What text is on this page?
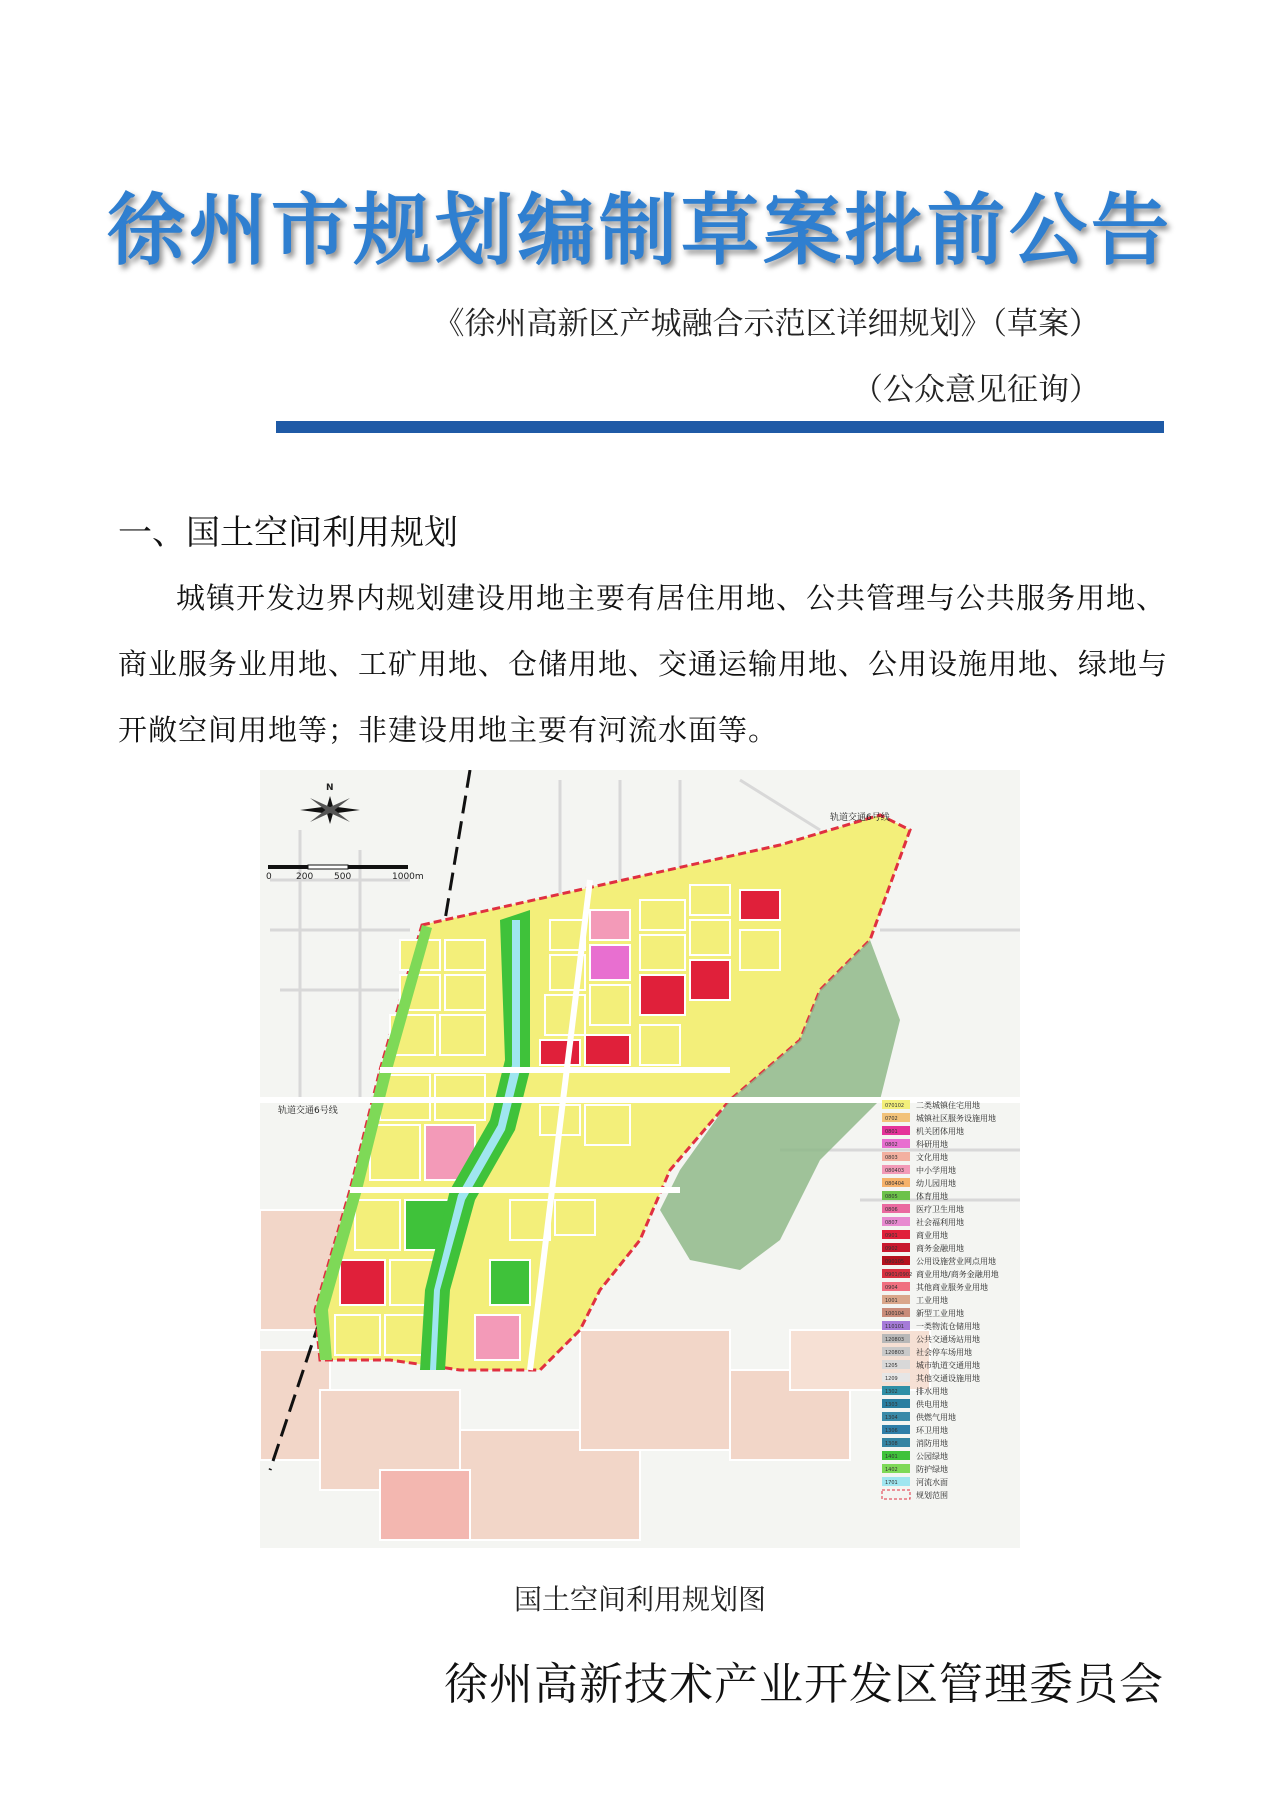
徐州市规划编制草案批前公告
《徐州高新区产城融合示范区详细规划》（草案）
（公众意见征询）
一、国土空间利用规划
城镇开发边界内规划建设用地主要有居住用地、公共管理与公共服务用地、商业服务业用地、工矿用地、仓储用地、交通运输用地、公用设施用地、绿地与开敞空间用地等；非建设用地主要有河流水面等。
N
0	200 500	1000m
轨道交通6号线
轨道交通6号线
070102 二类城镇住宅用地
0702 城镇社区服务设施用地
0801 机关团体用地
0802 科研用地
0803 文化用地
080403 中小学用地
080404 幼儿园用地
0805 体育用地
0806 医疗卫生用地
0807 社会福利用地
0901 商业用地
0902 商务金融用地
090105 公用设施营业网点用地
0901/0902 商业用地/商务金融用地
0904 其他商业服务业用地
1001 工业用地
100104 新型工业用地
110101 一类物流仓储用地
120803 公共交通场站用地
120803 社会停车场用地
1205 城市轨道交通用地
1209 其他交通设施用地
1302 排水用地
1303 供电用地
1304 供燃气用地
1306 环卫用地
1308 消防用地
1401 公园绿地
1402 防护绿地
1701 河流水面
规划范围
国土空间利用规划图
徐州高新技术产业开发区管理委员会
